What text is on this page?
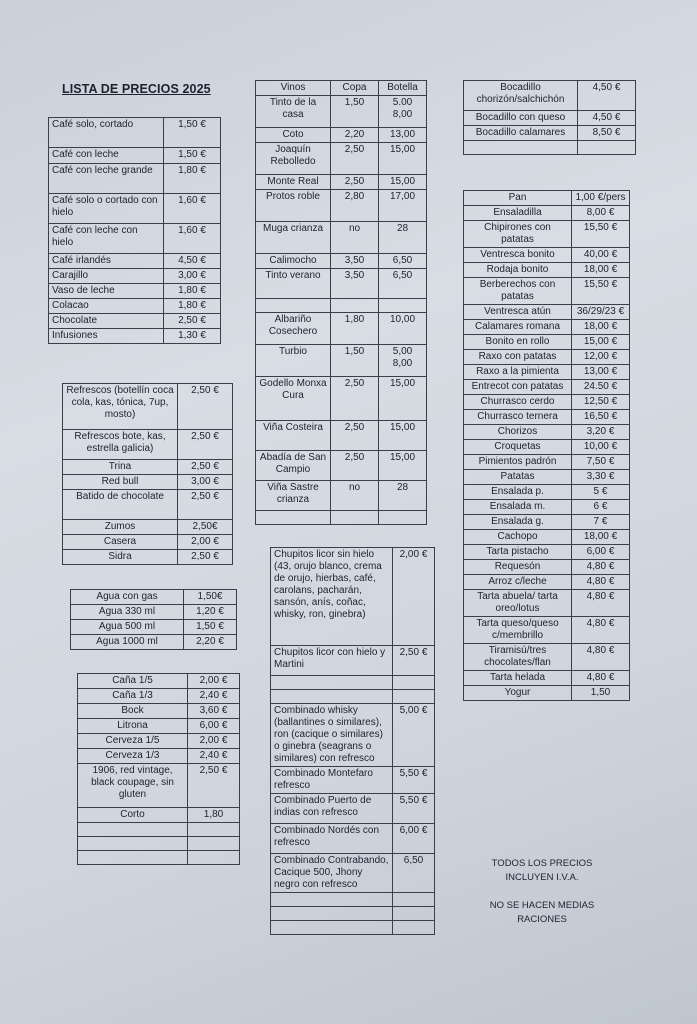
LISTA DE PRECIOS 2025
Café solo, cortado	1,50 €
Café con leche	1,50 €
Café con leche grande	1,80 €
Café solo o cortado con hielo	1,60 €
Café con leche con hielo	1,60 €
Café irlandés	4,50 €
Carajillo	3,00 €
Vaso de leche	1,80 €
Colacao	1,80 €
Chocolate	2,50 €
Infusiones	1,30 €
Refrescos (botellín coca cola, kas, tónica, 7up, mosto)	2,50 €
Refrescos bote, kas, estrella galicia)	2,50 €
Trina	2,50 €
Red bull	3,00 €
Batido de chocolate	2,50 €
Zumos	2,50€
Casera	2,00 €
Sidra	2,50 €
Agua con gas	1,50€
Agua 330 ml	1,20 €
Agua 500 ml	1,50 €
Agua 1000 ml	2,20 €
Caña 1/5	2,00 €
Caña 1/3	2,40 €
Bock	3,60 €
Litrona	6,00 €
Cerveza 1/5	2,00 €
Cerveza 1/3	2,40 €
1906, red vintage, black coupage, sin gluten	2,50 €
Corto	1,80

Vinos	Copa	Botella
Tinto de la casa	1,50	5.00
8,00
Coto	2,20	13,00
Joaquín Rebolledo	2,50	15,00
Monte Real	2,50	15,00
Protos roble	2,80	17,00
Muga crianza	no	28
Calimocho	3,50	6,50
Tinto verano	3,50	6,50

Albariño Cosechero	1,80	10,00
Turbio	1,50	5,00
8,00
Godello Monxa Cura	2,50	15,00
Viña Costeira	2,50	15,00
Abadía de San Campio	2,50	15,00
Viña Sastre crianza	no	28

Chupitos licor sin hielo (43, orujo blanco, crema de orujo, hierbas, café, carolans, pacharán, sansón, anís, coñac, whisky, ron, ginebra)	2,00 €
Chupitos licor con hielo y Martini	2,50 €

Combinado whisky (ballantines o similares), ron (cacique o similares) o ginebra (seagrans o similares) con refresco	5,00 €
Combinado Montefaro refresco	5,50 €
Combinado Puerto de indias con refresco	5,50 €
Combinado Nordés con refresco	6,00 €
Combinado Contrabando, Cacique 500, Jhony negro con refresco	6,50

Bocadillo chorizón/salchichón	4,50 €
Bocadillo con queso	4,50 €
Bocadillo calamares	8,50 €

Pan	1,00 €/pers
Ensaladilla	8,00 €
Chipirones con patatas	15,50 €
Ventresca bonito	40,00 €
Rodaja bonito	18,00 €
Berberechos con patatas	15,50 €
Ventresca atún	36/29/23 €
Calamares romana	18,00 €
Bonito en rollo	15,00 €
Raxo con patatas	12,00 €
Raxo a la pimienta	13,00 €
Entrecot con patatas	24.50 €
Churrasco cerdo	12,50 €
Churrasco ternera	16,50 €
Chorizos	3,20 €
Croquetas	10,00 €
Pimientos padrón	7,50 €
Patatas	3,30 €
Ensalada p.	5 €
Ensalada m.	6 €
Ensalada g.	7 €
Cachopo	18,00 €
Tarta pistacho	6,00 €
Requesón	4,80 €
Arroz c/leche	4,80 €
Tarta abuela/ tarta oreo/lotus	4,80 €
Tarta queso/queso c/membrillo	4,80 €
Tiramisú/tres chocolates/flan	4,80 €
Tarta helada	4,80 €
Yogur	1,50
TODOS LOS PRECIOS INCLUYEN I.V.A.
NO SE HACEN MEDIAS RACIONES
